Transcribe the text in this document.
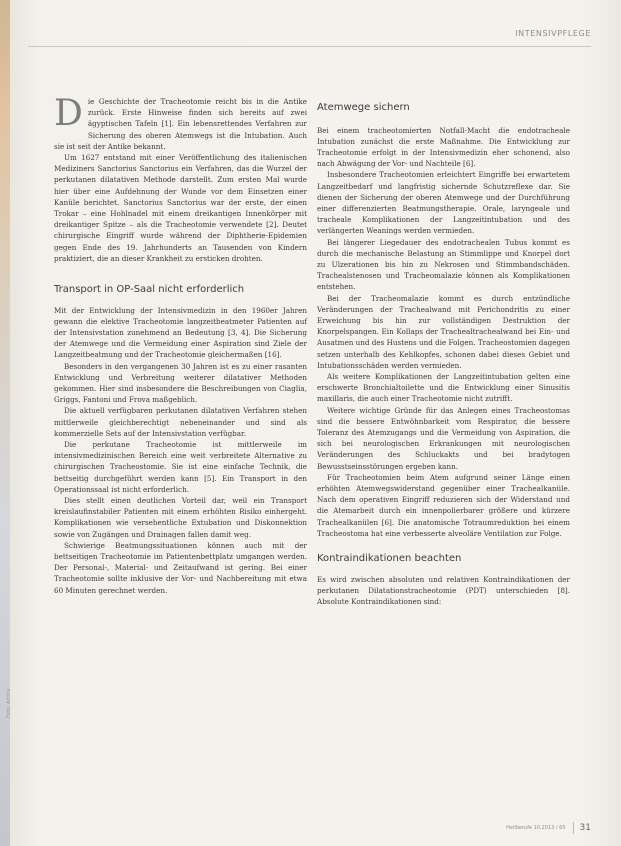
Foto: Archiv
INTENSIVPFLEGE

Die Geschichte der Tracheotomie reicht bis in die Antike zurück. Erste Hinweise finden sich bereits auf zwei ägyptischen Tafeln [1]. Ein lebensrettendes Verfahren zur Sicherung des oberen Atemwegs ist die Intubation. Auch sie ist seit der Antike bekannt.

Um 1627 entstand mit einer Veröffentlichung des italienischen Mediziners Sanctorius Sanctorius ein Verfahren, das die Wurzel der perkutanen dilatativen Methode darstellt. Zum ersten Mal wurde hier über eine Aufdehnung der Wunde vor dem Einsetzen einer Kanüle berichtet. Sanctorius Sanctorius war der erste, der einen Trokar – eine Hohlnadel mit einem dreikantigen Innenkörper mit dreikantiger Spitze – als die Tracheotomie verwendete [2]. Deutet chirurgische Eingriff wurde während der Diphtherie-Epidemien gegen Ende des 19. Jahrhunderts an Tausenden von Kindern praktiziert, die an dieser Krankheit zu ersticken drohten.

Transport in OP-Saal nicht erforderlich

Mit der Entwicklung der Intensivmedizin in den 1960er Jahren gewann die elektive Tracheotomie langzeitbeatmeter Patienten auf der Intensivstation zunehmend an Bedeutung [3, 4]. Die Sicherung der Atemwege und die Vermeidung einer Aspiration sind Ziele der Langzeitbeatmung und der Tracheotomie gleichermaßen [16].

Besonders in den vergangenen 30 Jahren ist es zu einer rasanten Entwicklung und Verbreitung weiterer dilatativer Methoden gekommen. Hier sind insbesondere die Beschreibungen von Ciaglia, Griggs, Fantoni und Frova maßgeblich.

Die aktuell verfügbaren perkutanen dilatativen Verfahren stehen mittlerweile gleichberechtigt nebeneinander und sind als kommerzielle Sets auf der Intensivstation verfügbar.

Die perkutane Tracheotomie ist mittlerweile im intensivmedizinischen Bereich eine weit verbreitete Alternative zu chirurgischen Tracheostomie. Sie ist eine einfache Technik, die bettseitig durchgeführt werden kann [5]. Ein Transport in den Operationssaal ist nicht erforderlich.

Dies stellt einen deutlichen Vorteil dar, weil ein Transport kreislaufinstabiler Patienten mit einem erhöhten Risiko einhergeht. Komplikationen wie versehentliche Extubation und Diskonnektion sowie von Zugängen und Drainagen fallen damit weg.

Schwierige Beatmungssituationen können auch mit der bettseitigen Tracheotomie im Patientenbettplatz umgangen werden. Der Personal-, Material- und Zeitaufwand ist gering. Bei einer Tracheotomie sollte inklusive der Vor- und Nachbereitung mit etwa 60 Minuten gerechnet werden.

Atemwege sichern

Bei einem tracheotomierten Notfall-Macht die endotracheale Intubation zunächst die erste Maßnahme. Die Entwicklung zur Tracheotomie erfolgt in der Intensivmedizin eher schonend, also nach Abwägung der Vor- und Nachteile [6].

Insbesondere Tracheotomien erleichtert Eingriffe bei erwartetem Langzeitbedarf und langfristig sichernde Schutzreflexe dar. Sie dienen der Sicherung der oberen Atemwege und der Durchführung einer differenzierten Beatmungstherapie. Orale, laryngeale und tracheale Komplikationen der Langzeitintubation und des verlängerten Weanings werden vermieden.

Bei längerer Liegedauer des endotrachealen Tubus kommt es durch die mechanische Belastung an Stimmlippe und Knorpel dort zu Ulzerationen bis hin zu Nekrosen und Stimmbandschäden. Trachealstenosen und Tracheomalazie können als Komplikationen entstehen.

Bei der Tracheomalazie kommt es durch entzündliche Veränderungen der Trachealwand mit Perichondritis zu einer Erweichung bis hin zur vollständigen Destruktion der Knorpelspangen. Ein Kollaps der Trachealtrachealwand bei Ein- und Ausatmen und des Hustens und die Folgen. Tracheostomien dagegen setzen unterhalb des Kehlkopfes, schonen dabei dieses Gebiet und Intubationsschäden werden vermieden.

Als weitere Komplikationen der Langzeitintubation gelten eine erschwerte Bronchialtoilette und die Entwicklung einer Sinusitis maxillaris, die auch einer Tracheotomie nicht zutrifft.

Weitere wichtige Gründe für das Anlegen eines Tracheostomas sind die bessere Entwöhnbarkeit vom Respirator, die bessere Toleranz des Atemzugangs und die Vermeidung von Aspiration, die sich bei neurologischen Erkrankungen mit neurologischen Veränderungen des Schluckakts und bei bradytogen Bewusstseinsstörungen ergeben kann.

Für Tracheotomien beim Atem aufgrund seiner Länge einen erhöhten Atemwegswiderstand gegenüber einer Trachealkanüle. Nach dem operativen Eingriff reduzieren sich der Widerstand und die Atemarbeit durch ein innenpolierbarer größere und kürzere Trachealkanülen [6]. Die anatomische Totraumreduktion bei einem Tracheostoma hat eine verbesserte alveoläre Ventilation zur Folge.

Kontraindikationen beachten

Es wird zwischen absoluten und relativen Kontraindikationen der perkutanen Dilatationstracheotomie (PDT) unterschieden [8]. Absolute Kontraindikationen sind:

Heilberufe 10.2013 / 65 31
